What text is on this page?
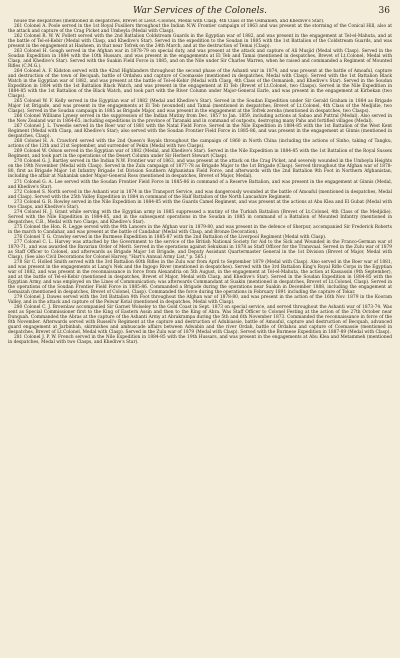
War Services of the Colonels.	36

house the despatches (mentioned in despatches, Brevet of Lieut.-Colonel, Medal with Clasp, 4th Class of the Osmanieh, and Khedive's Star).

261 Colonel A. Poole served in the 1st Royal Fusiliers throughout the Indian N.W. Frontier campaign of 1863 and was present at the storming of the Conical Hill, also at the attack and capture of the Crag Picket and Umbeyla (Medal with Clasp).

262 Colonel R. W. W. Follett served with the 2nd Battalion Coldstream Guards in the Egyptian war of 1882, and was present in the engagement at Tel-el-Mahuta, and at the battle of Tel-el-Kebir (Medal with Clasp, and Khedive's Star). Served in the expedition to the Soudan in 1885 with the 1st Battalion of the Coldstream Guards, and was present in the engagement at Hasheen, in that near Tofrek on the 24th March, and at the destruction of Temai (Clasp).

263 Colonel H. Gough served in the Afghan war in 1878-79 on special duty, and was present at the attack and capture of Ali Musjid (Medal with Clasp). Served in the Soudan Expedition in 1884 with the 10th Hussars, and was present in the engagements at El Teb and Tamai (mentioned in despatches, Brevet of Lt.Colonel, Medal with Clasp, and Khedive's Star). Served with the Suakin Field Force in 1885, and on the Nile under Sir Charles Warren, when he raised and commanded a Regiment of Mounted Rifles (C.M.G.).

264 Colonel A. F. Kidston served with the 42nd Highlanders throughout the second phase of the Ashanti war in 1874, and was present at the battle of Amoaful, capture and destruction of the town of Becquah, battle of Ordahsu and capture of Coomassie (mentioned in despatches, Medal with Clasp). Served with the 1st Battalion Black Watch in the Egyptian war of 1882, and was present at the battle of Tel-el-Kebir (Medal with Clasp, 4th Class of the Osmanieh, and Khedive's Star). Served in the Soudan Expedition in 1884 with the 1st Battalion Black Watch, and was present in the engagement at El Teb (Brevet of Lt.Colonel, two Clasps). Served in the Nile Expedition in 1884-85 with the 1st Battalion of the Black Watch, and took part with the River Column under Major-General Earle, and was present in the engagement at Kirbekan (two Clasps).

265 Colonel W. F. Kelly served in the Egyptian war of 1882 (Medal and Khedive's Star). Served in the Soudan Expedition under Sir Gerald Graham in 1884 as Brigade Major 1st Brigade, and was present in the engagements at El Teb (wounded) and Tamai (mentioned in despatches, Brevet of Lt.Colonel, 4th Class of the Medjidie, two Clasps). Served in the Soudan campaign in 1885 as Brigade Major, and was present in the engagement at the Tofrek zereba (mentioned in despatches, two Clasps).

266 Colonel Williams Lynesy served in the suppression of the Indian Mutiny from Dec. 1857 to Jan. 1859, including actions at Sabao and Puttral (Medal). Also served in the New Zealand war in 1864-65, including expeditions in the province of Taranaki and in command of outposts, destroying many Pahs and fortified villages (Medal).

267 Colonel J. L. Tweedie served in the Boer war of 1881 with the Natal Field Force. Served in the Nile Expedition in 1884-85 with the 1st Battalion of the West Kent Regiment (Medal with Clasp, and Khedive's Star); also served with the Soudan Frontier Field Force in 1885-86, and was present in the engagement at Ginnis (mentioned in despatches, Clasp).

268 Colonel H. A. Crawford served with the 2nd Queen's Royals throughout the campaign of 1860 in North China (including the actions of Sinho, taking of Tangku, actions of the 12th and 21st September, and surrender of Pekin (Medal with two Clasps).

269 Colonel W. Odson served in the Egyptian war of 1882 (Medal, and Khedive's Star). Served in the Nile Expedition in 1884-85 with the 1st Battalion of the Royal Sussex Regiment, and took part in the operations of the Desert Column under Sir Herbert Stewart (Clasp).

270 Colonel G. J. Bartley served in the Indian N.W. Frontier war of 1863, and was present at the attack on the Crag Picket, and severely wounded in the Umbeyla Heights on the 19th November (Medal with Clasp). Served in the Zulu campaign of 1877-78 as Brigade Major to the 1st Brigade (Clasp). Served throughout the Afghan war of 1878-80, first as Brigade Major 1st Infantry Brigade 1st Division Southern Afghanistan Field Force, and afterwards with the 2nd Battalion 9th Foot in Northern Afghanistan, including the affair at Nahanlak under Major-General Ross (mentioned in despatches, Brevet of Major, Medal).

271 Colonel G. A. Lee served with the Soudan Frontier Field Force in 1885-86 in command of a Reserve Battalion, and was present in the engagement at Ginnis (Medal, and Khedive's Star).

272 Colonel S. North served in the Ashanti war in 1874 in the Transport Service, and was dangerously wounded at the battle of Amoaful (mentioned in despatches, Medal and Clasp). Served with the 25th Valley Expedition in 1884 in command of the Half Battalion of the North Lancashire Regiment.

273 Colonel G. R. Rowley served in the Nile Expedition in 1884-85 with the Guards Camel Regiment, and was present at the actions at Abu Klea and El Gubat (Medal with two Clasps, and Khedive's Star).

274 Colonel H. J. Grant while serving with the Egyptian army in 1885 suppressed a mutiny of the Turkish Battalion (Brevet of Lt.Colonel, 4th Class of the Medjidie). Served with the Nile Expedition in 1884-85, and in the subsequent operations in the Soudan in 1885 in command of a Battalion of Mounted Infantry (mentioned in despatches, C.B., Medal with two Clasps, and Khedive's Star).

275 Colonel the Hon. R. Legge served with the 9th Lancers in the Afghan war in 1879-80, and was present in the defence of Sherpur, accompanied Sir Frederick Roberts in the march to Candahar, and was present at the battle of Candahar (Medal with Clasp, and Bronze Decoration).

276 Colonel T. G. Crawley served in the Burmese Expedition in 1885-87 with the 2nd Battalion of the Liverpool Regiment (Medal with Clasp).

277 Colonel C. L. Harvey was attached by the Government to the service of the British National Society for Aid to the Sick and Wounded in the Franco-German war of 1870-71, and was awarded the Bavarian Order of Merit. Served in the operations against Sekukuni in 1878 as Staff Officer for the Transvaal. Served in the Zulu war of 1879 as Staff Officer to Colonel, and afterwards as Brigade Major 1st Brigade, and Deputy Assistant Quartermaster General in the 1st Division (Brevet of Major, Medal with Clasp). (See also Civil Decorations for Colonel Harvey, "Hart's Annual Army List," p. 565.)

278 Sir C. Holled Smith served with the 3rd Battalion 60th Rifles in the Zulu war from April to September 1879 (Medal with Clasp). Also served in the Boer war of 1881, and was present in the engagements at Lang's Nek and the Ingogo River (mentioned in despatches). Served with the 3rd Battalion King's Royal Rifle Corps in the Egyptian war of 1882, and was present in the reconnaissance in force from Alexandria on 5th August, in the engagement at Tel-el-Mahuta, the action at Kassassin (9th September), and at the battle of Tel-el-Kebir (mentioned in despatches, Brevet of Major, Medal with Clasp, and Khedive's Star). Served in the Soudan Expedition in 1884-85 with the Egyptian Army, and was employed on the Lines of Communication; was afterwards Commandant at Suakin (mentioned in despatches, Brevet of Lt.Colonel, Clasp). Served in the operations of the Soudan Frontier Field Force in 1885-86. Commanded a Brigade during the operations near Suakin in December 1888, including the engagement at Gemaizah (mentioned in despatches, Brevet of Colonel, Clasp). Commanded the force during the operations in February 1891 including the capture of Tokar.

279 Colonel J. Dawes served with the 3rd Battalion 9th Foot throughout the Afghan war of 1878-80, and was present in the action of the 16th Nov. 1879 in the Kooram Valley, and in the attack and capture of the Peiwar Kotal (mentioned in despatches, Medal with Clasp).

280 Colonel C. J. Brownlaw accompanied Sir Garnet Wolseley to the Gold Coast in Sept. 1873 on special service, and served throughout the Ashanti war of 1873-74. Was sent as Special Commissioner first to the King of Eastern Assin and then to the King of Abra. Was Staff Officer to Colonel Festing at the action of the 27th October near Dunquah. Commanded the Abras at the capture of the Ashanti Army at Abrakrampa during the 5th and 6th November 1873. Commanded the reconnaissance in force of the 8th November. Afterwards served with Russell's Regiment at the capture and destruction of Adubiassie, battle of Amoaful, capture and destruction of Becquah, advanced guard engagement at Jarbinbah, skirmishes and ambuscade affairs between Adwabin and the river Ordah, battle of Ordahsu and capture of Coomassie (mentioned in despatches, Brevet of Lt.Colonel, Medal with Clasp). Served in the Zulu war of 1879 (Medal with Clasp). Served with the Burmese Expedition in 1887-89 (Medal with Clasp).

281 Colonel J. P. W. French served in the Nile Expedition in 1884-85 with the 19th Hussars, and was present in the engagements at Abu Klea and Metammeh (mentioned in despatches, Medal with two Clasps, and Khedive's Star).
